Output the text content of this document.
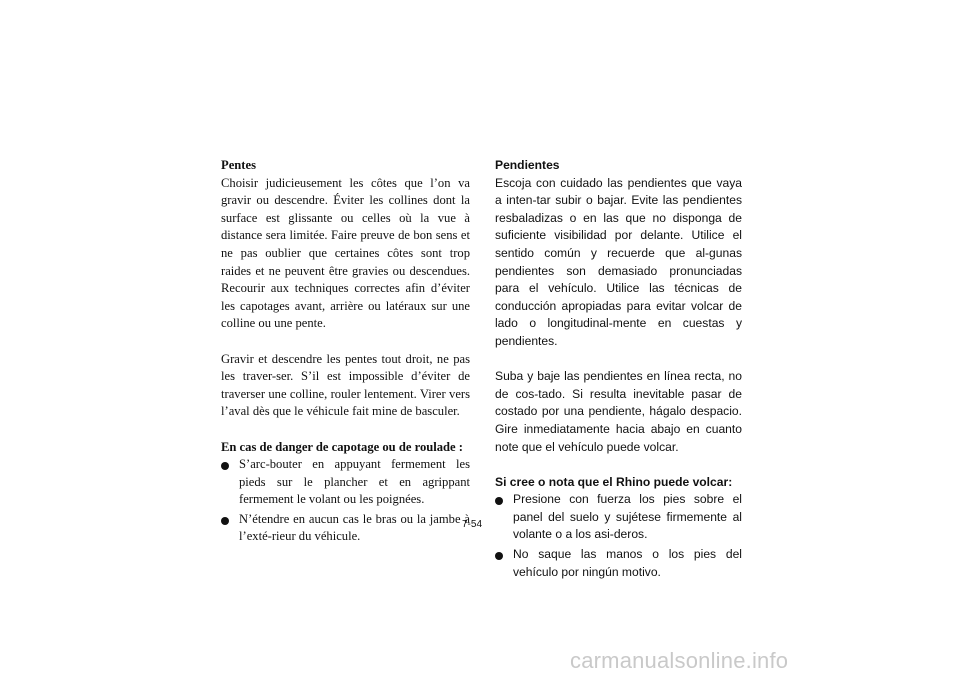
Pentes

Choisir judicieusement les côtes que l’on va gravir ou descendre. Éviter les collines dont la surface est glissante ou celles où la vue à distance sera limitée. Faire preuve de bon sens et ne pas oublier que certaines côtes sont trop raides et ne peuvent être gravies ou descendues. Recourir aux techniques correctes afin d’éviter les capotages avant, arrière ou latéraux sur une colline ou une pente.

Gravir et descendre les pentes tout droit, ne pas les traver-ser. S’il est impossible d’éviter de traverser une colline, rouler lentement. Virer vers l’aval dès que le véhicule fait mine de basculer.

En cas de danger de capotage ou de roulade :
S’arc-bouter en appuyant fermement les pieds sur le plancher et en agrippant fermement le volant ou les poignées.
N’étendre en aucun cas le bras ou la jambe à l’exté-rieur du véhicule.
Pendientes

Escoja con cuidado las pendientes que vaya a inten-tar subir o bajar. Evite las pendientes resbaladizas o en las que no disponga de suficiente visibilidad por delante. Utilice el sentido común y recuerde que al-gunas pendientes son demasiado pronunciadas para el vehículo. Utilice las técnicas de conducción apropiadas para evitar volcar de lado o longitudinal-mente en cuestas y pendientes.

Suba y baje las pendientes en línea recta, no de cos-tado. Si resulta inevitable pasar de costado por una pendiente, hágalo despacio. Gire inmediatamente hacia abajo en cuanto note que el vehículo puede volcar.

Si cree o nota que el Rhino puede volcar:
Presione con fuerza los pies sobre el panel del suelo y sujétese firmemente al volante o a los asi-deros.
No saque las manos o los pies del vehículo por ningún motivo.
7-54
carmanualsonline.info
